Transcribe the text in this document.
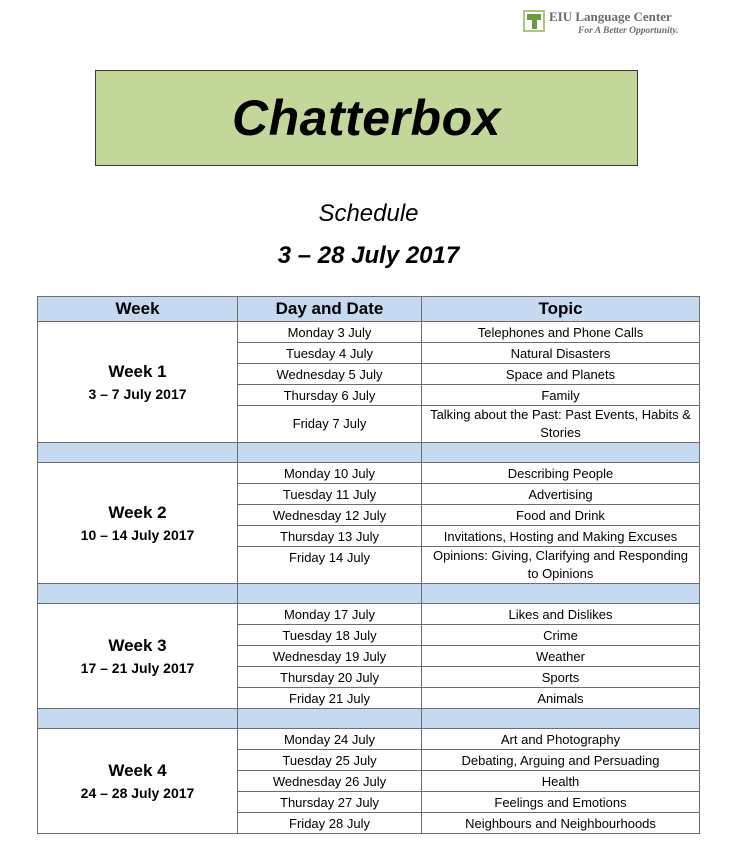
EIU Language Center
For A Better Opportunity.
Chatterbox
Schedule
3 – 28 July 2017
Week	Day and Date	Topic

Week 1
3 – 7 July 2017	Monday 3 July	Telephones and Phone Calls
	Tuesday 4 July	Natural Disasters
	Wednesday 5 July	Space and Planets
	Thursday 6 July	Family
	Friday 7 July	Talking about the Past: Past Events, Habits & Stories

Week 2
10 – 14 July 2017	Monday 10 July	Describing People
	Tuesday 11 July	Advertising
	Wednesday 12 July	Food and Drink
	Thursday 13 July	Invitations, Hosting and Making Excuses
	Friday 14 July	Opinions: Giving, Clarifying and Responding to Opinions

Week 3
17 – 21 July 2017	Monday 17 July	Likes and Dislikes
	Tuesday 18 July	Crime
	Wednesday 19 July	Weather
	Thursday 20 July	Sports
	Friday 21 July	Animals

Week 4
24 – 28 July 2017	Monday 24 July	Art and Photography
	Tuesday 25 July	Debating, Arguing and Persuading
	Wednesday 26 July	Health
	Thursday 27 July	Feelings and Emotions
	Friday 28 July	Neighbours and Neighbourhoods
